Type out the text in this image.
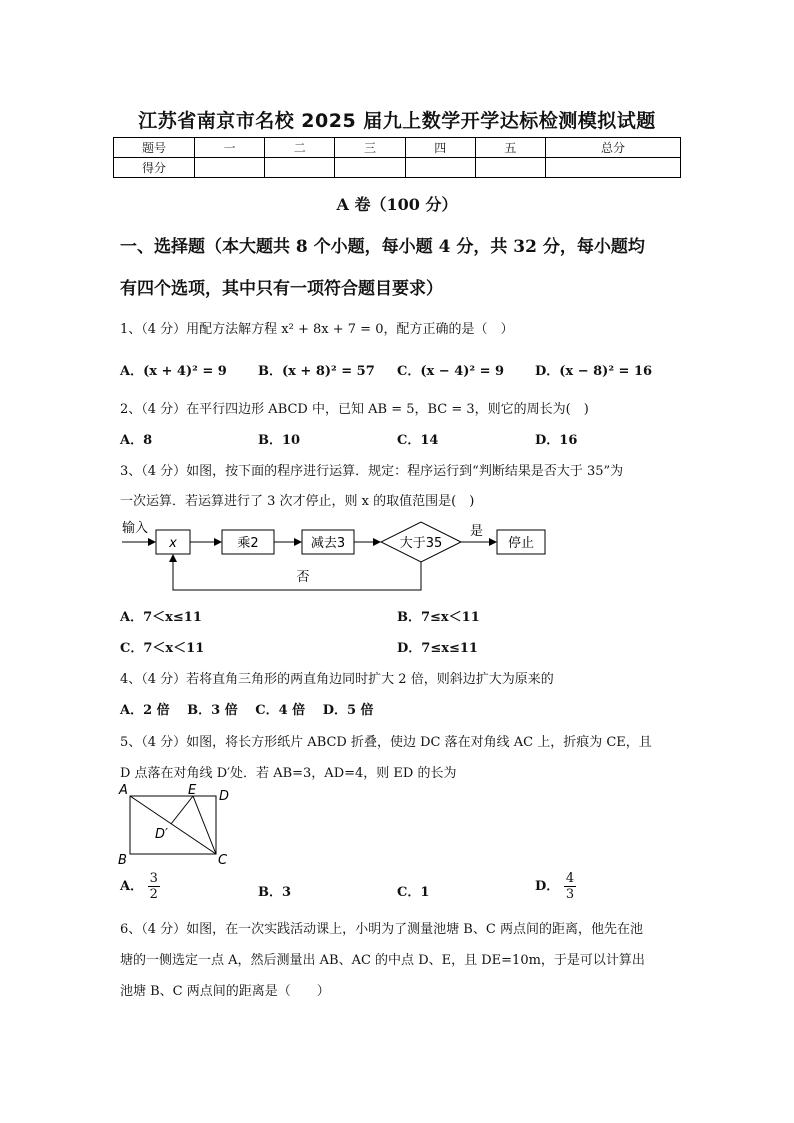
江苏省南京市名校 2025 届九上数学开学达标检测模拟试题
题号	一	二	三	四	五	总分
得分						
A 卷（100 分）
一、选择题（本大题共 8 个小题，每小题 4 分，共 32 分，每小题均
有四个选项，其中只有一项符合题目要求）
1、（4 分）用配方法解方程 x² + 8x + 7 = 0，配方正确的是（　）
A．(x + 4)² = 9 B．(x + 8)² = 57 C．(x − 4)² = 9 D．(x − 8)² = 16
2、（4 分）在平行四边形 ABCD 中，已知 AB = 5，BC = 3，则它的周长为(　)
A．8	B．10	C．14	D．16
3、（4 分）如图，按下面的程序进行运算．规定：程序运行到“判断结果是否大于 35”为
一次运算．若运算进行了 3 次才停止，则 x 的取值范围是(　)
输入
x	乘2	减去3	大于35
是
停止
否
A．7＜x≤11	B．7≤x＜11
C．7＜x＜11	D．7≤x≤11
4、（4 分）若将直角三角形的两直角边同时扩大 2 倍，则斜边扩大为原来的
A．2 倍　 B．3 倍　 C．4 倍　 D．5 倍
5、（4 分）如图，将长方形纸片 ABCD 折叠，使边 DC 落在对角线 AC 上，折痕为 CE，且
D 点落在对角线 D′处．若 AB=3，AD=4，则 ED 的长为
A	E D
D′
B	C
A． $\frac{3}{2}$	B．3	C．1	D． $\frac{4}{3}$
6、（4 分）如图，在一次实践活动课上，小明为了测量池塘 B、C 两点间的距离，他先在池
塘的一侧选定一点 A，然后测量出 AB、AC 的中点 D、E，且 DE=10m，于是可以计算出
池塘 B、C 两点间的距离是（　　）
